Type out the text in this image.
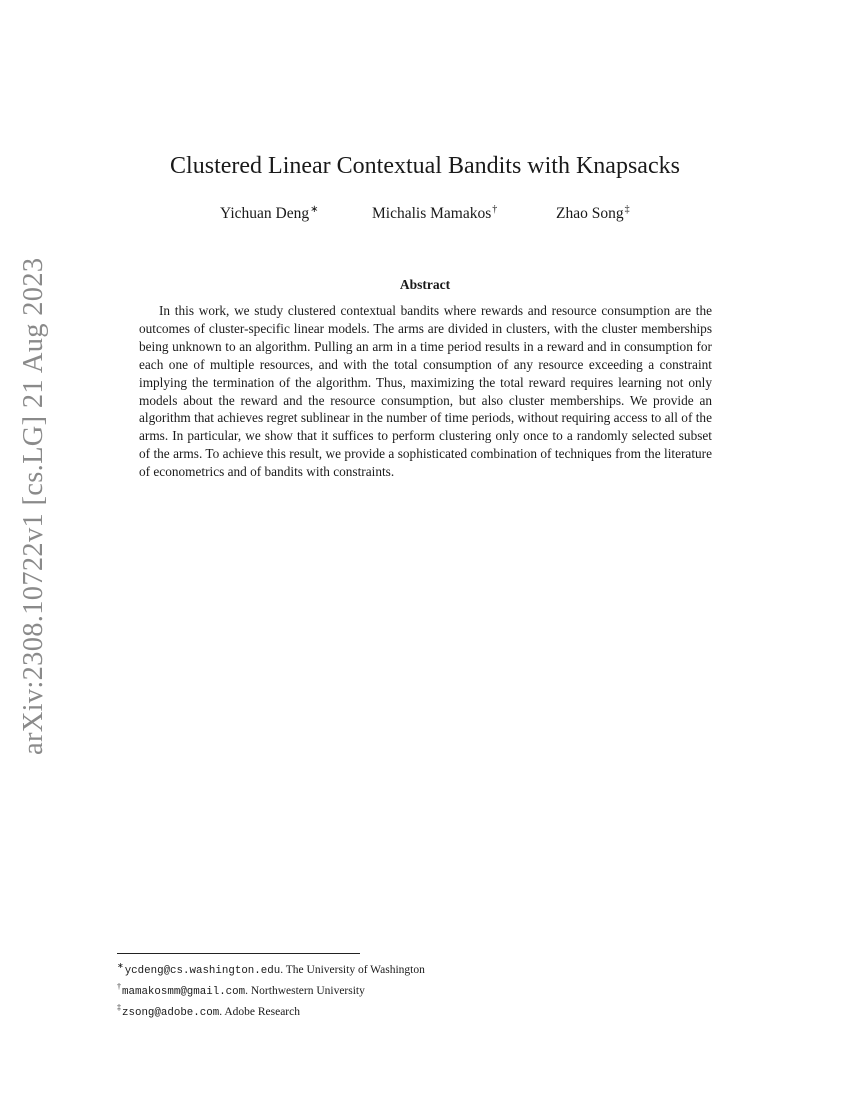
arXiv:2308.10722v1 [cs.LG] 21 Aug 2023
Clustered Linear Contextual Bandits with Knapsacks
Yichuan Deng∗	Michalis Mamakos†	Zhao Song‡
Abstract

In this work, we study clustered contextual bandits where rewards and resource consumption are the outcomes of cluster-specific linear models. The arms are divided in clusters, with the cluster memberships being unknown to an algorithm. Pulling an arm in a time period results in a reward and in consumption for each one of multiple resources, and with the total consumption of any resource exceeding a constraint implying the termination of the algorithm. Thus, maximizing the total reward requires learning not only models about the reward and the resource consumption, but also cluster memberships. We provide an algorithm that achieves regret sublinear in the number of time periods, without requiring access to all of the arms. In particular, we show that it suffices to perform clustering only once to a randomly selected subset of the arms. To achieve this result, we provide a sophisticated combination of techniques from the literature of econometrics and of bandits with constraints.

∗ycdeng@cs.washington.edu. The University of Washington
†mamakosmm@gmail.com. Northwestern University
‡zsong@adobe.com. Adobe Research
